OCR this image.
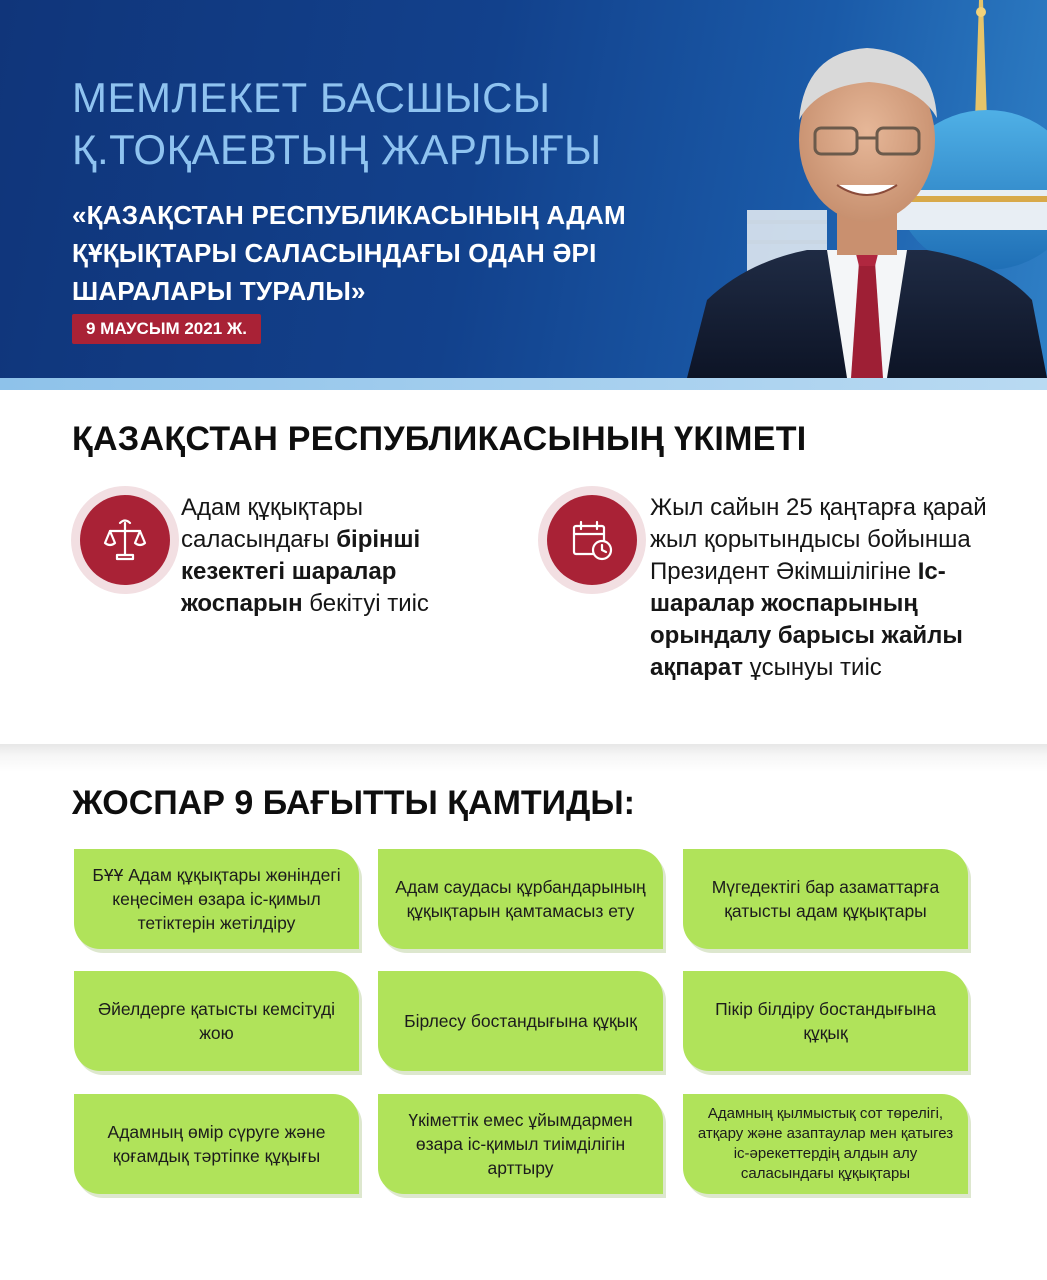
МЕМЛЕКЕТ БАСШЫСЫ
Қ.ТОҚАЕВТЫҢ ЖАРЛЫҒЫ
«ҚАЗАҚСТАН РЕСПУБЛИКАСЫНЫҢ АДАМ
ҚҰҚЫҚТАРЫ САЛАСЫНДАҒЫ ОДАН ӘРІ
ШАРАЛАРЫ ТУРАЛЫ»
9 МАУСЫМ 2021 Ж.
ҚАЗАҚСТАН РЕСПУБЛИКАСЫНЫҢ ҮКІМЕТІ
Адам құқықтары саласындағы бірінші кезектегі шаралар жоспарын бекітуі тиіс
Жыл сайын 25 қаңтарға қарай жыл қорытындысы бойынша Президент Әкімшілігіне Іс-шаралар жоспарының орындалу барысы жайлы ақпарат ұсынуы тиіс
ЖОСПАР 9 БАҒЫТТЫ ҚАМТИДЫ:
БҰҰ Адам құқықтары жөніндегі кеңесімен өзара іс-қимыл тетіктерін жетілдіру
Адам саудасы құрбандарының құқықтарын қамтамасыз ету
Мүгедектігі бар азаматтарға қатысты адам құқықтары
Әйелдерге қатысты кемсітуді жою
Бірлесу бостандығына құқық
Пікір білдіру бостандығына құқық
Адамның өмір сүруге және қоғамдық тәртіпке құқығы
Үкіметтік емес ұйымдармен өзара іс-қимыл тиімділігін арттыру
Адамның қылмыстық сот төрелігі, атқару және азаптаулар мен қатыгез іс-әрекеттердің алдын алу саласындағы құқықтары
